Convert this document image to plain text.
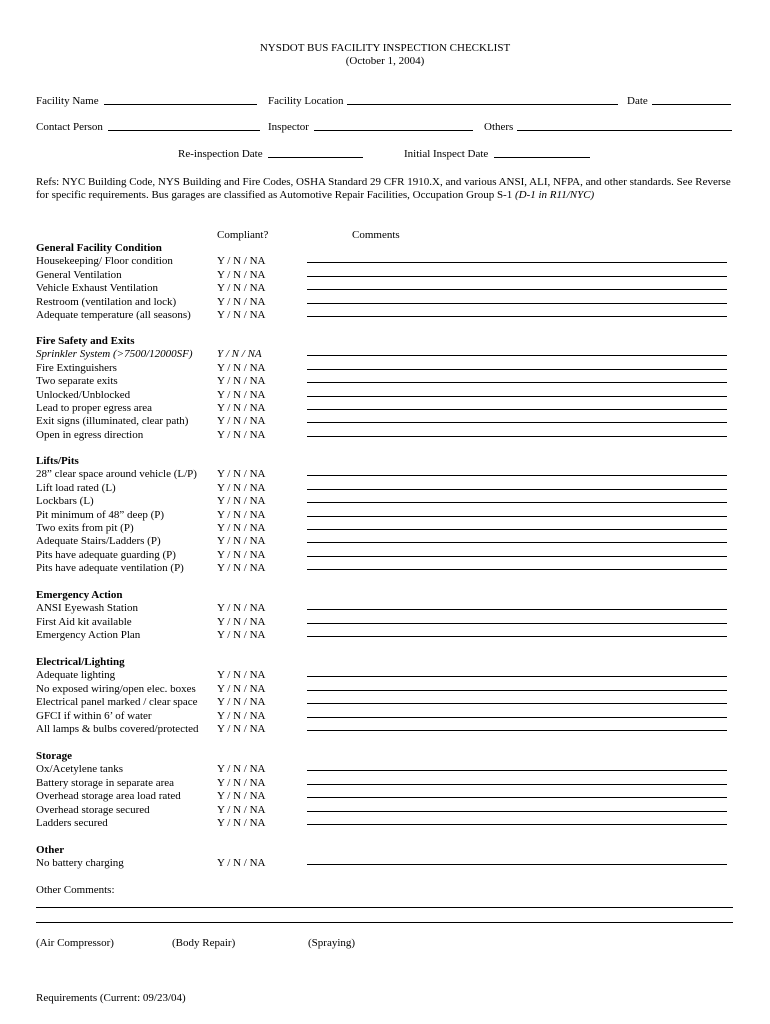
NYSDOT BUS FACILITY INSPECTION CHECKLIST
(October 1, 2004)
Facility Name	Facility Location	Date
Contact Person	Inspector	Others
Re-inspection Date	Initial Inspect Date
Refs: NYC Building Code, NYS Building and Fire Codes, OSHA Standard 29 CFR 1910.X, and various ANSI, ALI, NFPA, and other standards. See Reverse for specific requirements. Bus garages are classified as Automotive Repair Facilities, Occupation Group S-1 (D-1 in R11/NYC)
Compliant?	Comments
General Facility Condition
Housekeeping/ Floor condition	Y / N / NA
General Ventilation	Y / N / NA
Vehicle Exhaust Ventilation	Y / N / NA
Restroom (ventilation and lock)	Y / N / NA
Adequate temperature (all seasons) Y / N / NA
Fire Safety and Exits
Sprinkler System (>7500/12000SF) Y / N / NA
Fire Extinguishers	Y / N / NA
Two separate exits	Y / N / NA
Unlocked/Unblocked	Y / N / NA
Lead to proper egress area	Y / N / NA
Exit signs (illuminated, clear path)	Y / N / NA
Open in egress direction	Y / N / NA
Lifts/Pits
28” clear space around vehicle (L/P) Y / N / NA
Lift load rated (L)	Y / N / NA
Lockbars (L)	Y / N / NA
Pit minimum of 48” deep (P)	Y / N / NA
Two exits from pit (P)	Y / N / NA
Adequate Stairs/Ladders (P)	Y / N / NA
Pits have adequate guarding (P)	Y / N / NA
Pits have adequate ventilation (P)	Y / N / NA
Emergency Action
ANSI Eyewash Station	Y / N / NA
First Aid kit available	Y / N / NA
Emergency Action Plan	Y / N / NA
Electrical/Lighting
Adequate lighting	Y / N / NA
No exposed wiring/open elec. boxes Y / N / NA
Electrical panel marked / clear space Y / N / NA
GFCI if within 6’ of water	Y / N / NA
All lamps & bulbs covered/protected Y / N / NA
Storage
Ox/Acetylene tanks	Y / N / NA
Battery storage in separate area	Y / N / NA
Overhead storage area load rated	Y / N / NA
Overhead storage secured	Y / N / NA
Ladders secured	Y / N / NA
Other
No battery charging	Y / N / NA
Other Comments:
(Air Compressor)	(Body Repair)	(Spraying)
Requirements (Current: 09/23/04)
